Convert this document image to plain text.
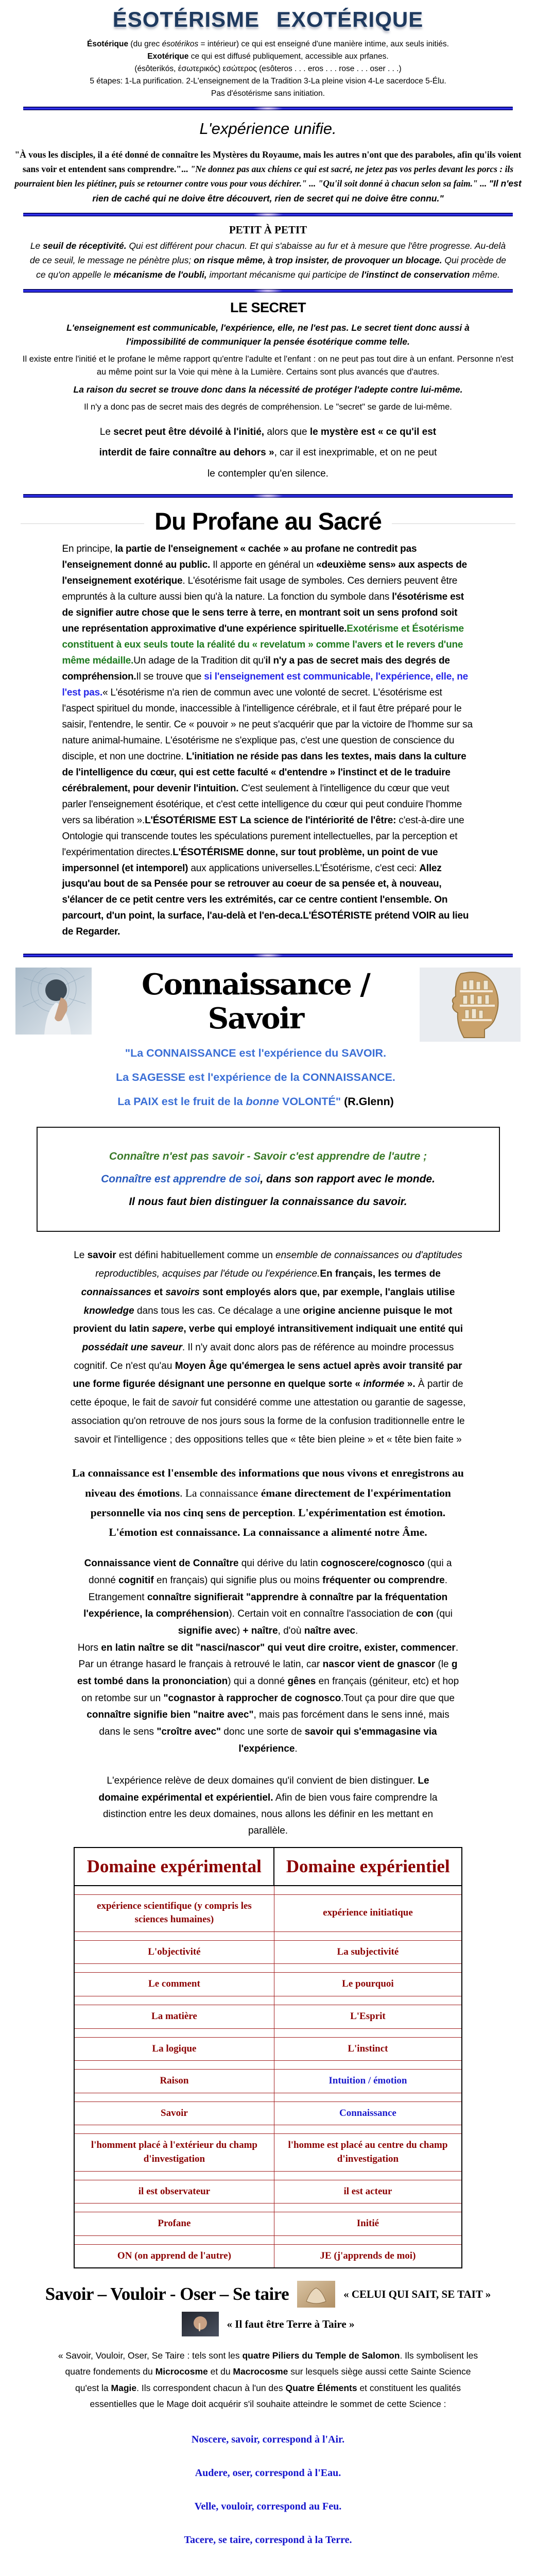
ÉSOTÉRISME EXOTÉRIQUE

Ésotérique (du grec ésotérikos = intérieur) ce qui est enseigné d'une manière intime, aux seuls initiés.

Exotérique ce qui est diffusé publiquement, accessible aux prfanes.

(ésôterikós, έσωτερικός) εσώτερος (esôteros . . . eros . . . rose . . . oser . . .)

5 étapes: 1-La purification. 2-L'enseignement de la Tradition 3-La pleine vision 4-Le sacerdoce 5-Élu.

Pas d'ésotérisme sans initiation.

L'expérience unifie.

"À vous les disciples, il a été donné de connaître les Mystères du Royaume, mais les autres n'ont que des paraboles, afin qu'ils voient sans voir et entendent sans comprendre."... "Ne donnez pas aux chiens ce qui est sacré, ne jetez pas vos perles devant les porcs : ils pourraient bien les piétiner, puis se retourner contre vous pour vous déchirer." ... "Qu'il soit donné à chacun selon sa faim." ... "Il n'est rien de caché qui ne doive être découvert, rien de secret qui ne doive être connu."

PETIT À PETIT

Le seuil de réceptivité. Qui est différent pour chacun. Et qui s'abaisse au fur et à mesure que l'être progresse. Au-delà de ce seuil, le message ne pénètre plus; on risque même, à trop insister, de provoquer un blocage. Qui procède de ce qu'on appelle le mécanisme de l'oubli, important mécanisme qui participe de l'instinct de conservation même.

LE SECRET

L'enseignement est communicable, l'expérience, elle, ne l'est pas. Le secret tient donc aussi à l'impossibilité de communiquer la pensée ésotérique comme telle.

Il existe entre l'initié et le profane le même rapport qu'entre l'adulte et l'enfant : on ne peut pas tout dire à un enfant. Personne n'est au même point sur la Voie qui mène à la Lumière. Certains sont plus avancés que d'autres.

La raison du secret se trouve donc dans la nécessité de protéger l'adepte contre lui-même.

Il n'y a donc pas de secret mais des degrés de compréhension. Le "secret" se garde de lui-même.

Le secret peut être dévoilé à l'initié, alors que le mystère est « ce qu'il est interdit de faire connaître au dehors », car il est inexprimable, et on ne peut le contempler qu'en silence.

Du Profane au Sacré

En principe, la partie de l'enseignement « cachée » au profane ne contredit pas l'enseignement donné au public. Il apporte en général un «deuxième sens» aux aspects de l'enseignement exotérique. L'ésotérisme fait usage de symboles. Ces derniers peuvent être empruntés à la culture aussi bien qu'à la nature. La fonction du symbole dans l'ésotérisme est de signifier autre chose que le sens terre à terre, en montrant soit un sens profond soit une représentation approximative d'une expérience spirituelle.Exotérisme et Ésotérisme constituent à eux seuls toute la réalité du « revelatum » comme l'avers et le revers d'une même médaille.Un adage de la Tradition dit qu'il n'y a pas de secret mais des degrés de compréhension.Il se trouve que si l'enseignement est communicable, l'expérience, elle, ne l'est pas.« L'ésotérisme n'a rien de commun avec une volonté de secret. L'ésotérisme est l'aspect spirituel du monde, inaccessible à l'intelligence cérébrale, et il faut être préparé pour le saisir, l'entendre, le sentir. Ce « pouvoir » ne peut s'acquérir que par la victoire de l'homme sur sa nature animal-humaine. L'ésotérisme ne s'explique pas, c'est une question de conscience du disciple, et non une doctrine. L'initiation ne réside pas dans les textes, mais dans la culture de l'intelligence du cœur, qui est cette faculté « d'entendre » l'instinct et de le traduire cérébralement, pour devenir l'intuition. C'est seulement à l'intelligence du cœur que veut parler l'enseignement ésotérique, et c'est cette intelligence du cœur qui peut conduire l'homme vers sa libération ».L'ÉSOTÉRISME EST La science de l'intériorité de l'être: c'est-à-dire une Ontologie qui transcende toutes les spéculations purement intellectuelles, par la perception et l'expérimentation directes.L'ÉSOTÉRISME donne, sur tout problème, un point de vue impersonnel (et intemporel) aux applications universelles.L'Ésotérisme, c'est ceci: Allez jusqu'au bout de sa Pensée pour se retrouver au coeur de sa pensée et, à nouveau, s'élancer de ce petit centre vers les extrémités, car ce centre contient l'ensemble. On parcourt, d'un point, la surface, l'au-delà et l'en-deca.L'ÉSOTÉRISTE prétend VOIR au lieu de Regarder.

Connaissance / Savoir

"La CONNAISSANCE est l'expérience du SAVOIR.

La SAGESSE est l'expérience de la CONNAISSANCE.

La PAIX est le fruit de la bonne VOLONTÉ" (R.Glenn)

Connaître n'est pas savoir - Savoir c'est apprendre de l'autre ;

Connaître est apprendre de soi, dans son rapport avec le monde.

Il nous faut bien distinguer la connaissance du savoir.

Le savoir est défini habituellement comme un ensemble de connaissances ou d'aptitudes reproductibles, acquises par l'étude ou l'expérience.En français, les termes de connaissances et savoirs sont employés alors que, par exemple, l'anglais utilise knowledge dans tous les cas. Ce décalage a une origine ancienne puisque le mot provient du latin sapere, verbe qui employé intransitivement indiquait une entité qui possédait une saveur. Il n'y avait donc alors pas de référence au moindre processus cognitif. Ce n'est qu'au Moyen Âge qu'émergea le sens actuel après avoir transité par une forme figurée désignant une personne en quelque sorte « informée ». À partir de cette époque, le fait de savoir fut considéré comme une attestation ou garantie de sagesse, association qu'on retrouve de nos jours sous la forme de la confusion traditionnelle entre le savoir et l'intelligence ; des oppositions telles que « tête bien pleine » et « tête bien faite »

La connaissance est l'ensemble des informations que nous vivons et enregistrons au niveau des émotions. La connaissance émane directement de l'expérimentation personnelle via nos cinq sens de perception. L'expérimentation est émotion. L'émotion est connaissance. La connaissance a alimenté notre Âme.

Connaissance vient de Connaître qui dérive du latin cognoscere/cognosco (qui a donné cognitif en français) qui signifie plus ou moins fréquenter ou comprendre. Etrangement connaître signifierait "apprendre à connaître par la fréquentation l'expérience, la compréhension). Certain voit en connaître l'association de con (qui signifie avec) + naître, d'où naître avec.

Hors en latin naître se dit "nasci/nascor" qui veut dire croitre, exister, commencer. Par un étrange hasard le français à retrouvé le latin, car nascor vient de gnascor (le g est tombé dans la prononciation) qui a donné gênes en français (géniteur, etc) et hop on retombe sur un "cognastor à rapprocher de cognosco.Tout ça pour dire que que connaître signifie bien "naitre avec", mais pas forcément dans le sens inné, mais dans le sens "croître avec" donc une sorte de savoir qui s'emmagasine via l'expérience.

L'expérience relève de deux domaines qu'il convient de bien distinguer. Le domaine expérimental et expérientiel. Afin de bien vous faire comprendre la distinction entre les deux domaines, nous allons les définir en les mettant en parallèle.

Domaine expérimental	Domaine expérientiel

expérience scientifique (y compris les sciences humaines)	expérience initiatique

L'objectivité	La subjectivité

Le comment	Le pourquoi

La matière	L'Esprit

La logique	L'instinct

Raison	Intuition / émotion

Savoir	Connaissance

l'homment placé à l'extérieur du champ d'investigation	l'homme est placé au centre du champ d'investigation

il est observateur	il est acteur

Profane	Initié

ON (on apprend de l'autre)	JE (j'apprends de moi)
Savoir – Vouloir - Oser – Se taire	« CELUI QUI SAIT, SE TAIT »
« Il faut être Terre à Taire »

« Savoir, Vouloir, Oser, Se Taire : tels sont les quatre Piliers du Temple de Salomon. Ils symbolisent les quatre fondements du Microcosme et du Macrocosme sur lesquels siège aussi cette Sainte Science qu'est la Magie. Ils correspondent chacun à l'un des Quatre Éléments et constituent les qualités essentielles que le Mage doit acquérir s'il souhaite atteindre le sommet de cette Science :

Noscere, savoir, correspond à l'Air.

Audere, oser, correspond à l'Eau.

Velle, vouloir, correspond au Feu.

Tacere, se taire, correspond à la Terre.
